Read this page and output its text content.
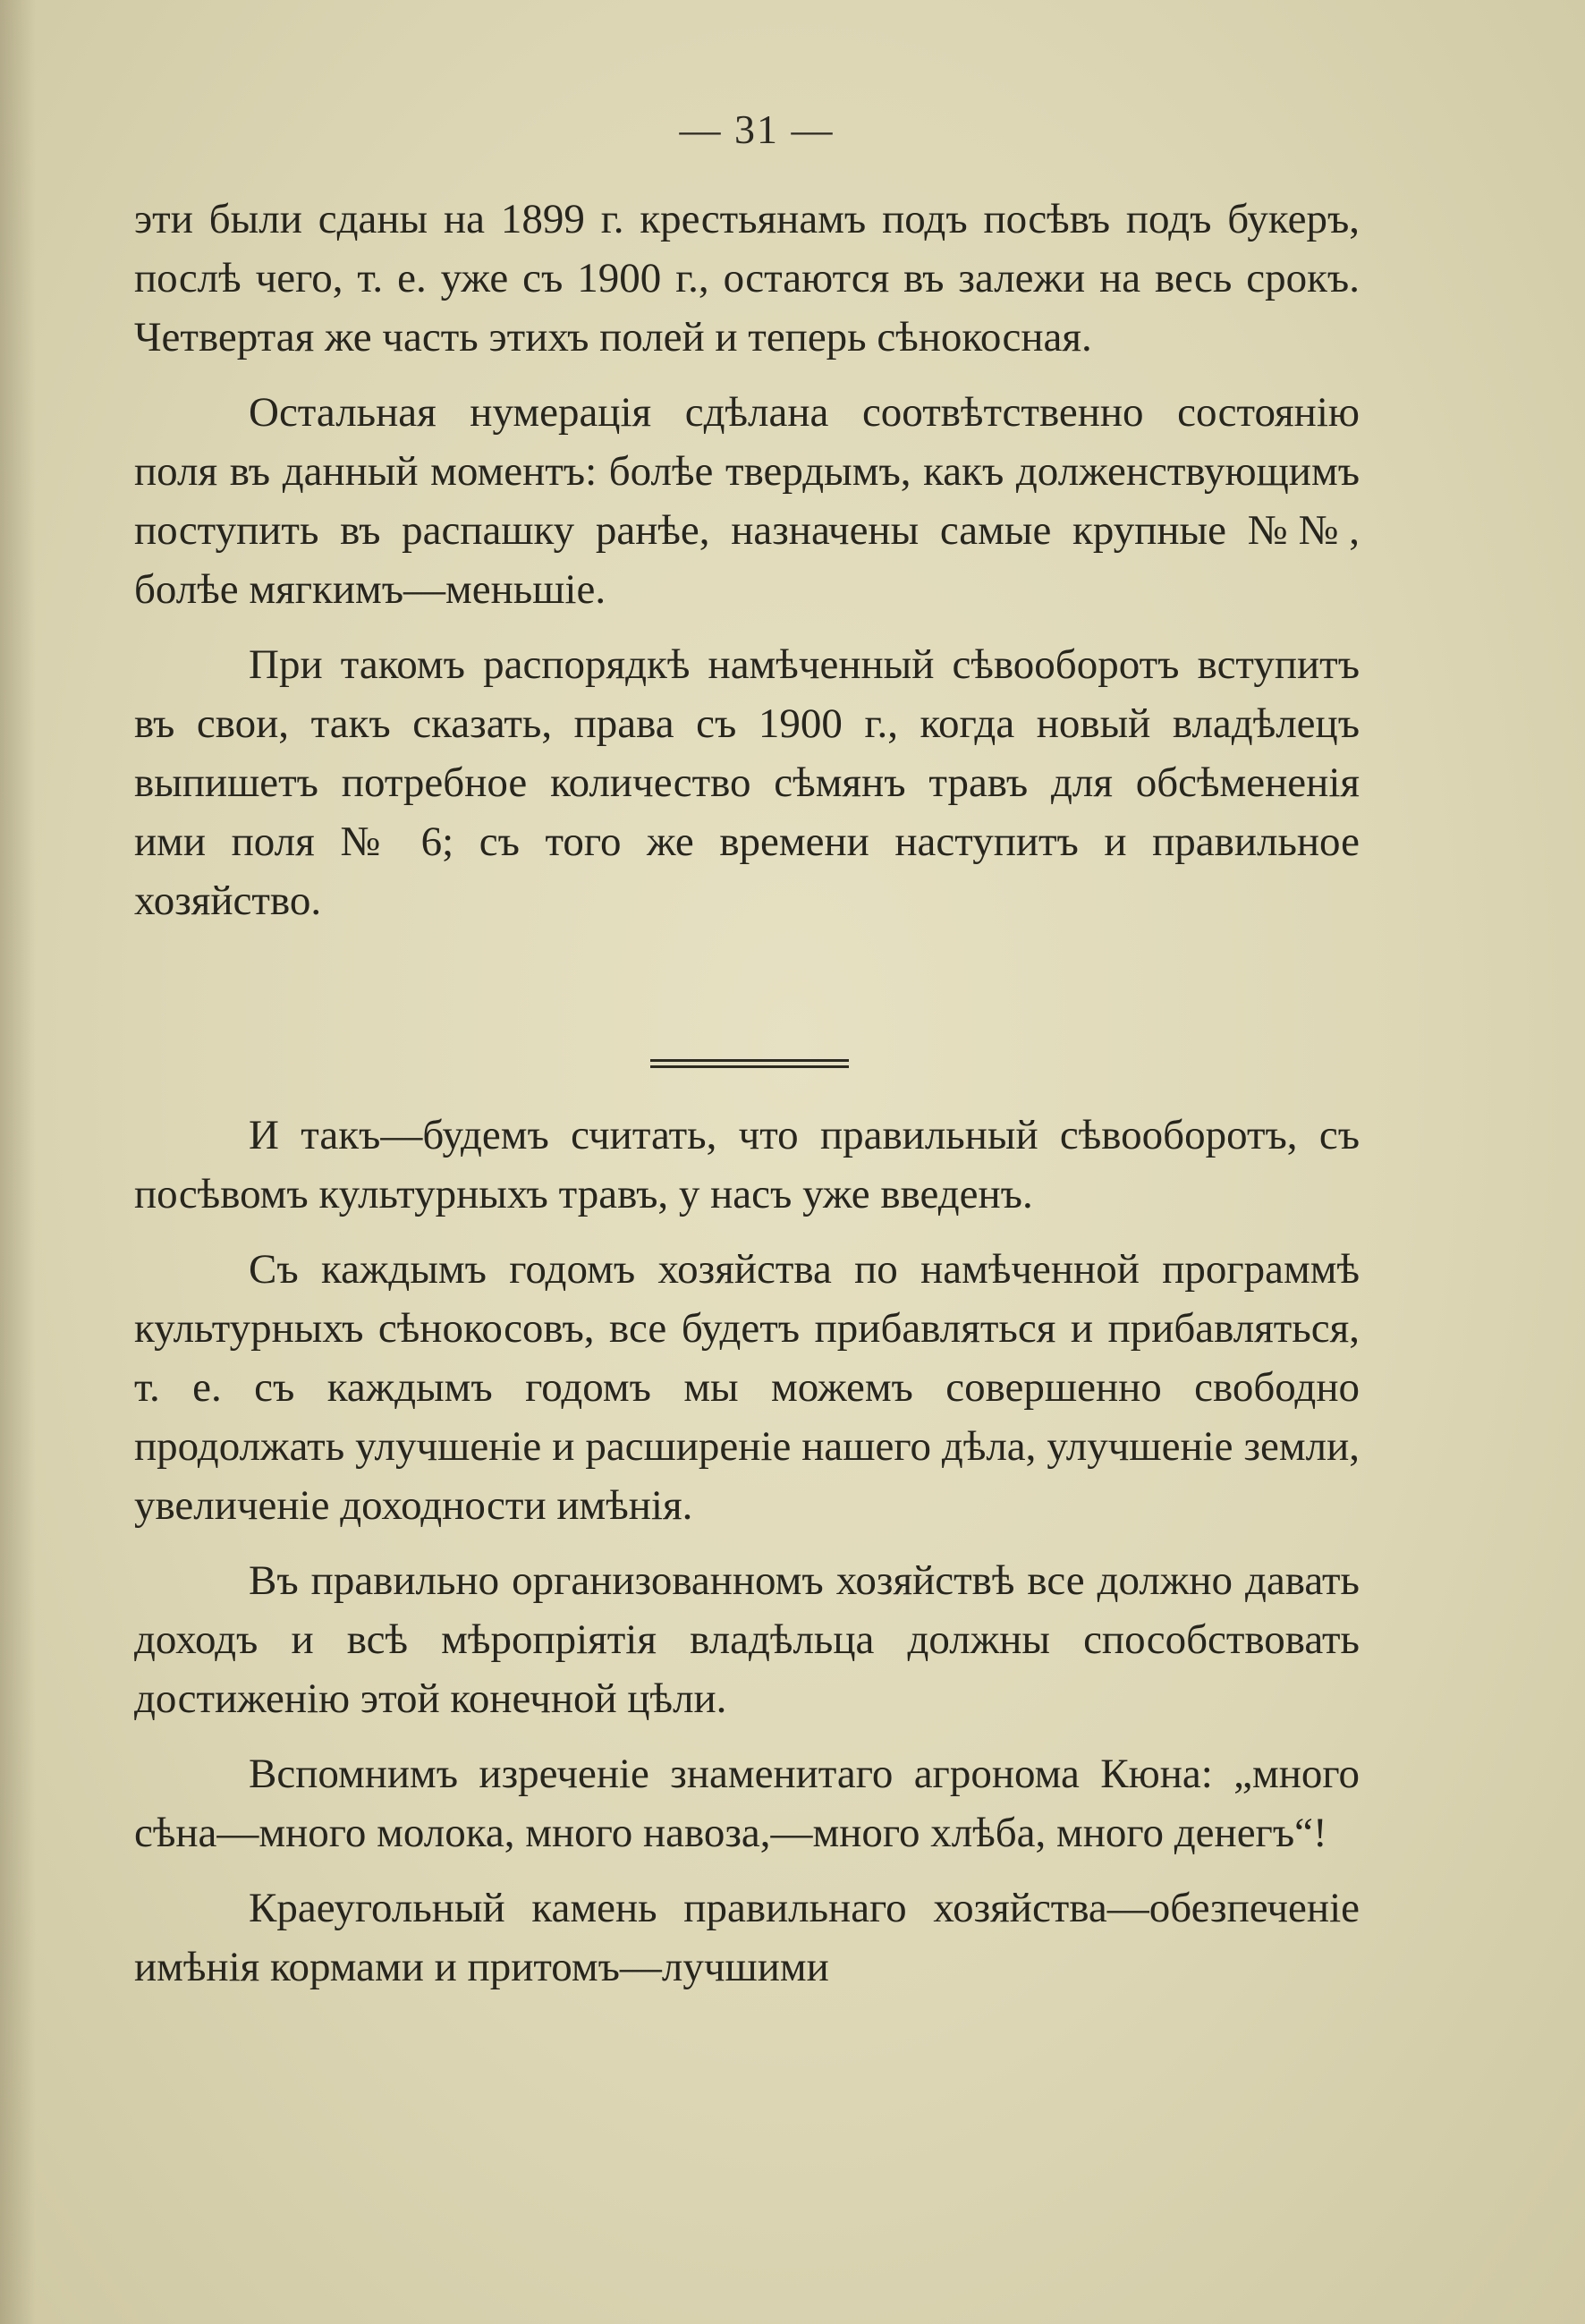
— 31 —

эти были сданы на 1899 г. крестьянамъ подъ посѣвъ подъ букеръ, послѣ чего, т. е. уже съ 1900 г., остаются въ залежи на весь срокъ. Четвертая же часть этихъ полей и теперь сѣнокосная.

Остальная нумерація сдѣлана соотвѣтственно состоянію поля въ данный моментъ: болѣе твердымъ, какъ долженствующимъ поступить въ распашку ранѣе, назначены самые крупные №№, болѣе мягкимъ—меньшіе.

При такомъ распорядкѣ намѣченный сѣвооборотъ вступитъ въ свои, такъ сказать, права съ 1900 г., когда новый владѣлецъ выпишетъ потребное количество сѣмянъ травъ для обсѣмененія ими поля № 6; съ того же времени наступитъ и правильное хозяйство.

И такъ—будемъ считать, что правильный сѣвооборотъ, съ посѣвомъ культурныхъ травъ, у насъ уже введенъ.

Съ каждымъ годомъ хозяйства по намѣченной программѣ культурныхъ сѣнокосовъ, все будетъ прибавляться и прибавляться, т. е. съ каждымъ годомъ мы можемъ совершенно свободно продолжать улучшеніе и расширеніе нашего дѣла, улучшеніе земли, увеличеніе доходности имѣнія.

Въ правильно организованномъ хозяйствѣ все должно давать доходъ и всѣ мѣропріятія владѣльца должны способствовать достиженію этой конечной цѣли.

Вспомнимъ изреченіе знаменитаго агронома Кюна: „много сѣна—много молока, много навоза,—много хлѣба, много денегъ“!

Краеугольный камень правильнаго хозяйства—обезпеченіе имѣнія кормами и притомъ—лучшими
